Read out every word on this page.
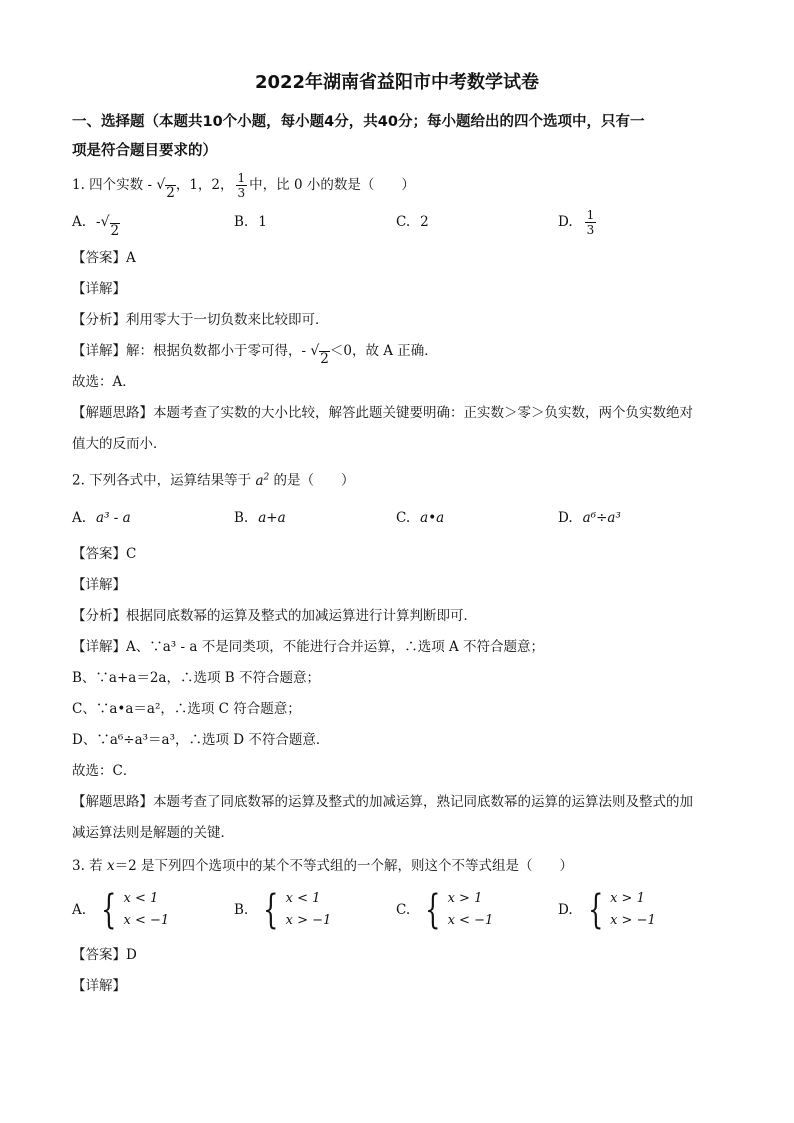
2022年湖南省益阳市中考数学试卷
一、选择题（本题共10个小题，每小题4分，共40分；每小题给出的四个选项中，只有一
项是符合题目要求的）
1. 四个实数 - √ 2 ，1，2， $\frac{1}{3}$ 中，比 0 小的数是（　　）
A. - √
2
B. 1	C. 2	D. $\frac{1}{3}$
【答案】A
【详解】
【分析】利用零大于一切负数来比较即可．
【详解】解：根据负数都小于零可得，- √ 2 ＜0，故 A 正确．
故选：A．
【解题思路】本题考查了实数的大小比较，解答此题关键要明确：正实数＞零＞负实数，两个负实数绝对
值大的反而小．
2. 下列各式中，运算结果等于 $a^2$ 的是（　　）
A. a³ - a	B. a+a	C. a•a	D. a⁶÷a³
【答案】C
【详解】
【分析】根据同底数幂的运算及整式的加减运算进行计算判断即可．
【详解】A、∵a³ - a 不是同类项，不能进行合并运算，∴选项 A 不符合题意；
B、∵a+a＝2a，∴选项 B 不符合题意；
C、∵a•a＝a²，∴选项 C 符合题意；
D、∵a⁶÷a³＝a³，∴选项 D 不符合题意．
故选：C．
【解题思路】本题考查了同底数幂的运算及整式的加减运算，熟记同底数幂的运算的运算法则及整式的加
减运算法则是解题的关键．
3. 若 x＝2 是下列四个选项中的某个不等式组的一个解，则这个不等式组是（　　）
A. { x < 1
x < −1
B. { x < 1
x > −1
C. { x > 1
x < −1
D. { x > 1
x > −1
【答案】D
【详解】
